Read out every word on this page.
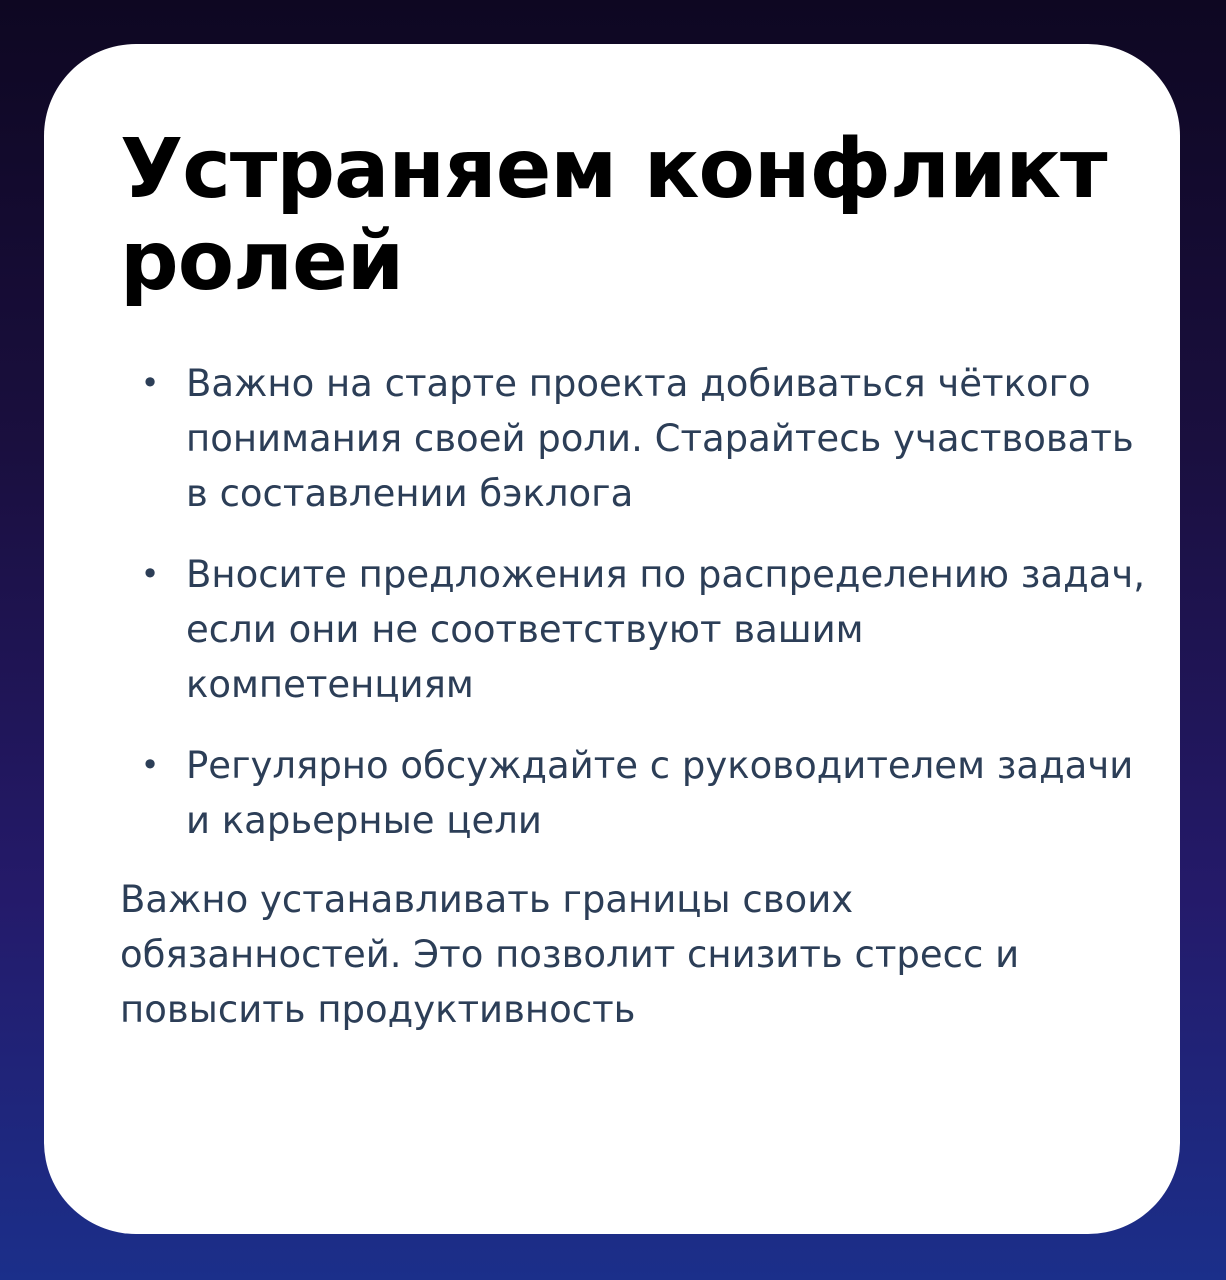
Устраняем конфликт ролей
• Важно на старте проекта добиваться чёткого понимания своей роли. Старайтесь участвовать в составлении бэклога
• Вносите предложения по распределению задач, если они не соответствуют вашим компетенциям
• Регулярно обсуждайте с руководителем задачи и карьерные цели

Важно устанавливать границы своих обязанностей. Это позволит снизить стресс и повысить продуктивность
